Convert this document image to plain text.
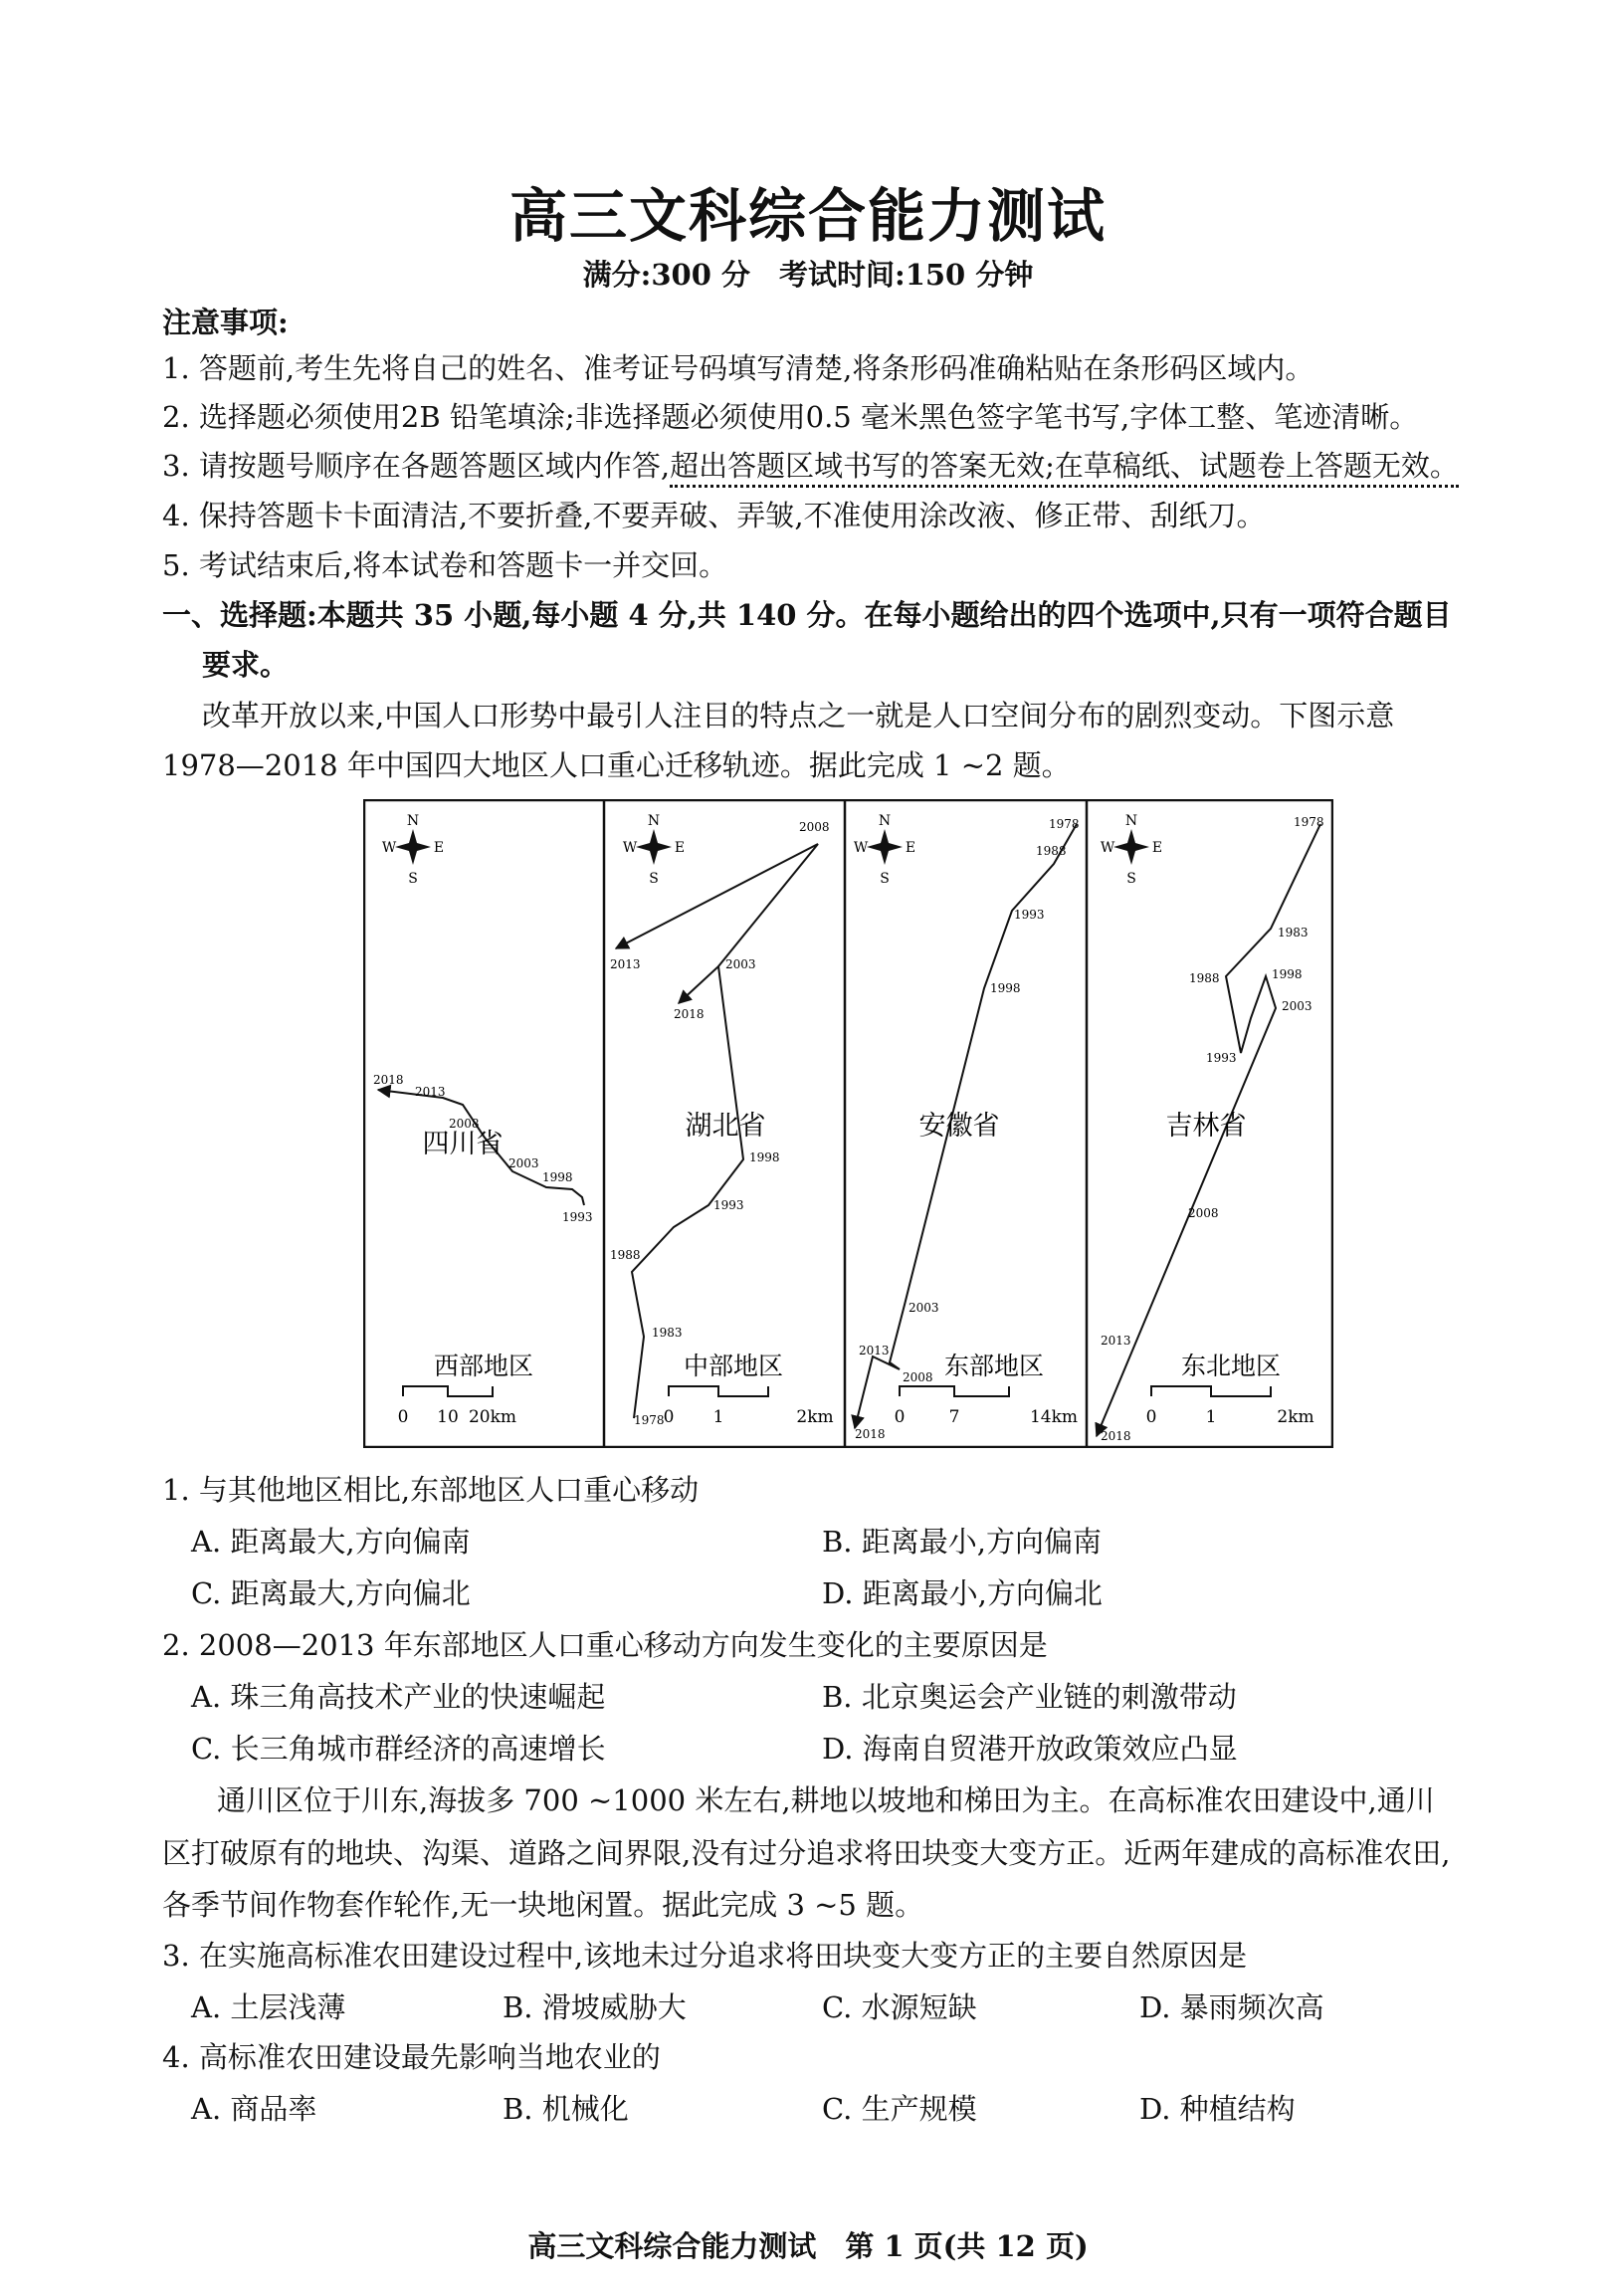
高三文科综合能力测试
满分:300 分　考试时间:150 分钟
注意事项:
1. 答题前,考生先将自己的姓名、准考证号码填写清楚,将条形码准确粘贴在条形码区域内。
2. 选择题必须使用2B 铅笔填涂;非选择题必须使用0.5 毫米黑色签字笔书写,字体工整、笔迹清晰。
3. 请按题号顺序在各题答题区域内作答,超出答题区域书写的答案无效;在草稿纸、试题卷上答题无效。
4. 保持答题卡卡面清洁,不要折叠,不要弄破、弄皱,不准使用涂改液、修正带、刮纸刀。
5. 考试结束后,将本试卷和答题卡一并交回。
一、选择题:本题共 35 小题,每小题 4 分,共 140 分。在每小题给出的四个选项中,只有一项符合题目
要求。
改革开放以来,中国人口形势中最引人注目的特点之一就是人口空间分布的剧烈变动。下图示意
1978—2018 年中国四大地区人口重心迁移轨迹。据此完成 1 ~2 题。
N
S
W	E
2018
2013
2008
2003
1998
1993
四川省
西部地区
0 10 20km
N
S
W	E
2008
2013	2003
2018
1998
1993
1988
1983
1978
湖北省
中部地区
0 1	2km
N
S
W	E
1978
1988
1993
1998
2003
2013
2008
2018
安徽省
东部地区
0	7	14km
N
S
W	E
1978
1983
1988	1998
2003
1993
2008
2013
2018
吉林省
东北地区
0	1	2km
1. 与其他地区相比,东部地区人口重心移动
A. 距离最大,方向偏南	B. 距离最小,方向偏南
C. 距离最大,方向偏北	D. 距离最小,方向偏北
2. 2008—2013 年东部地区人口重心移动方向发生变化的主要原因是
A. 珠三角高技术产业的快速崛起	B. 北京奥运会产业链的刺激带动
C. 长三角城市群经济的高速增长	D. 海南自贸港开放政策效应凸显
通川区位于川东,海拔多 700 ~1000 米左右,耕地以坡地和梯田为主。在高标准农田建设中,通川
区打破原有的地块、沟渠、道路之间界限,没有过分追求将田块变大变方正。近两年建成的高标准农田,
各季节间作物套作轮作,无一块地闲置。据此完成 3 ~5 题。
3. 在实施高标准农田建设过程中,该地未过分追求将田块变大变方正的主要自然原因是
A. 土层浅薄	B. 滑坡威胁大	C. 水源短缺	D. 暴雨频次高
4. 高标准农田建设最先影响当地农业的
A. 商品率	B. 机械化	C. 生产规模	D. 种植结构
高三文科综合能力测试　第 1 页(共 12 页)
